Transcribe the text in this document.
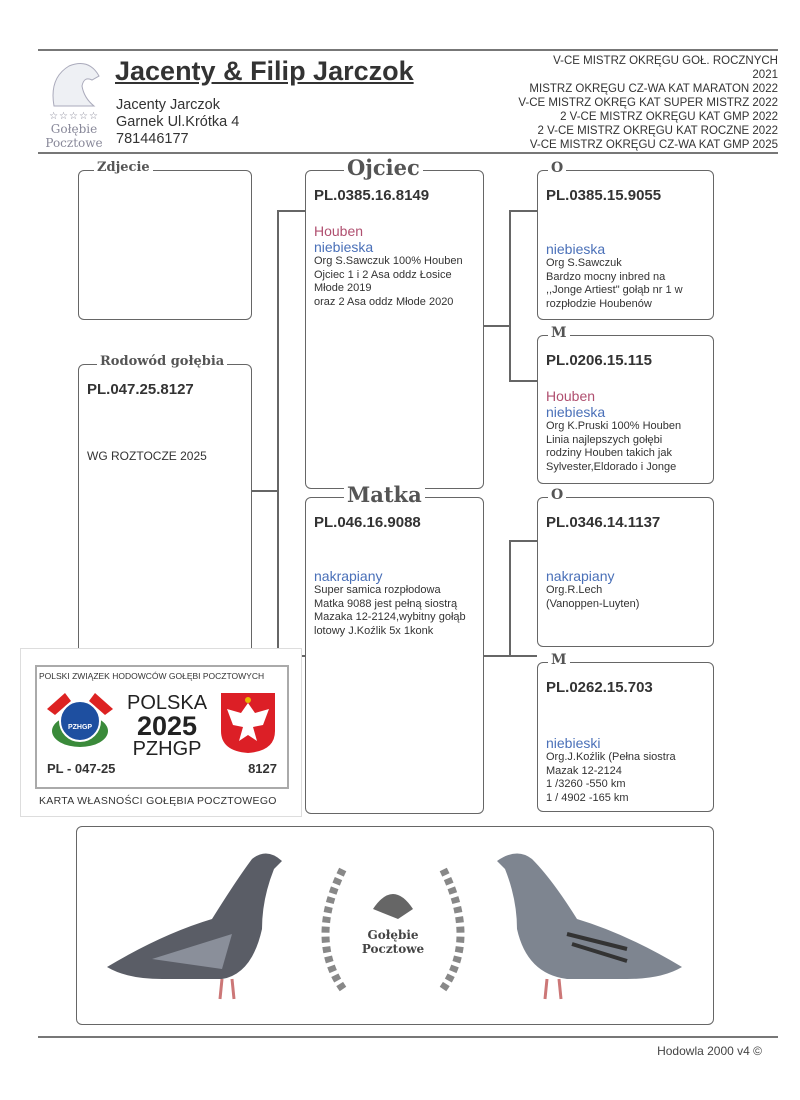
☆☆☆☆☆
Gołębie
Pocztowe
Jacenty & Filip Jarczok
Jacenty Jarczok
Garnek Ul.Krótka 4
781446177
V-CE MISTRZ OKRĘGU GOŁ. ROCZNYCH
2021
MISTRZ OKRĘGU CZ-WA KAT MARATON 2022
V-CE MISTRZ OKRĘG KAT SUPER MISTRZ 2022
2 V-CE MISTRZ OKRĘGU KAT GMP 2022
2 V-CE MISTRZ OKRĘGU KAT ROCZNE 2022
V-CE MISTRZ OKRĘGU CZ-WA KAT GMP 2025
Zdjecie
Rodowód gołębia
PL.047.25.8127
WG ROZTOCZE 2025
Ojciec
PL.0385.16.8149
Houben
niebieska
Org S.Sawczuk 100% Houben
Ojciec 1 i 2 Asa oddz Łosice
Młode 2019
oraz 2 Asa oddz Młode 2020
Matka
PL.046.16.9088
nakrapiany
Super samica rozpłodowa
Matka 9088 jest pełną siostrą
Mazaka 12-2124,wybitny gołąb
lotowy J.Koźlik 5x 1konk
O
PL.0385.15.9055
niebieska
Org S.Sawczuk
Bardzo mocny inbred na
,,Jonge Artiest" gołąb nr 1 w
rozpłodzie Houbenów
M
PL.0206.15.115
Houben
niebieska
Org K.Pruski 100% Houben
Linia najlepszych gołębi
rodziny Houben takich jak
Sylvester,Eldorado i Jonge
O
PL.0346.14.1137
nakrapiany
Org.R.Lech
(Vanoppen-Luyten)
M
PL.0262.15.703
niebieski
Org.J.Koźlik (Pełna siostra
Mazak 12-2124
1 /3260 -550 km
1 / 4902 -165 km
POLSKI ZWIĄZEK HODOWCÓW GOŁĘBI POCZTOWYCH
PZHGP
POLSKA
2025
PZHGP
PL - 047-25	8127
KARTA WŁASNOŚCI GOŁĘBIA POCZTOWEGO
Gołębie
Pocztowe
Hodowla 2000 v4 ©
